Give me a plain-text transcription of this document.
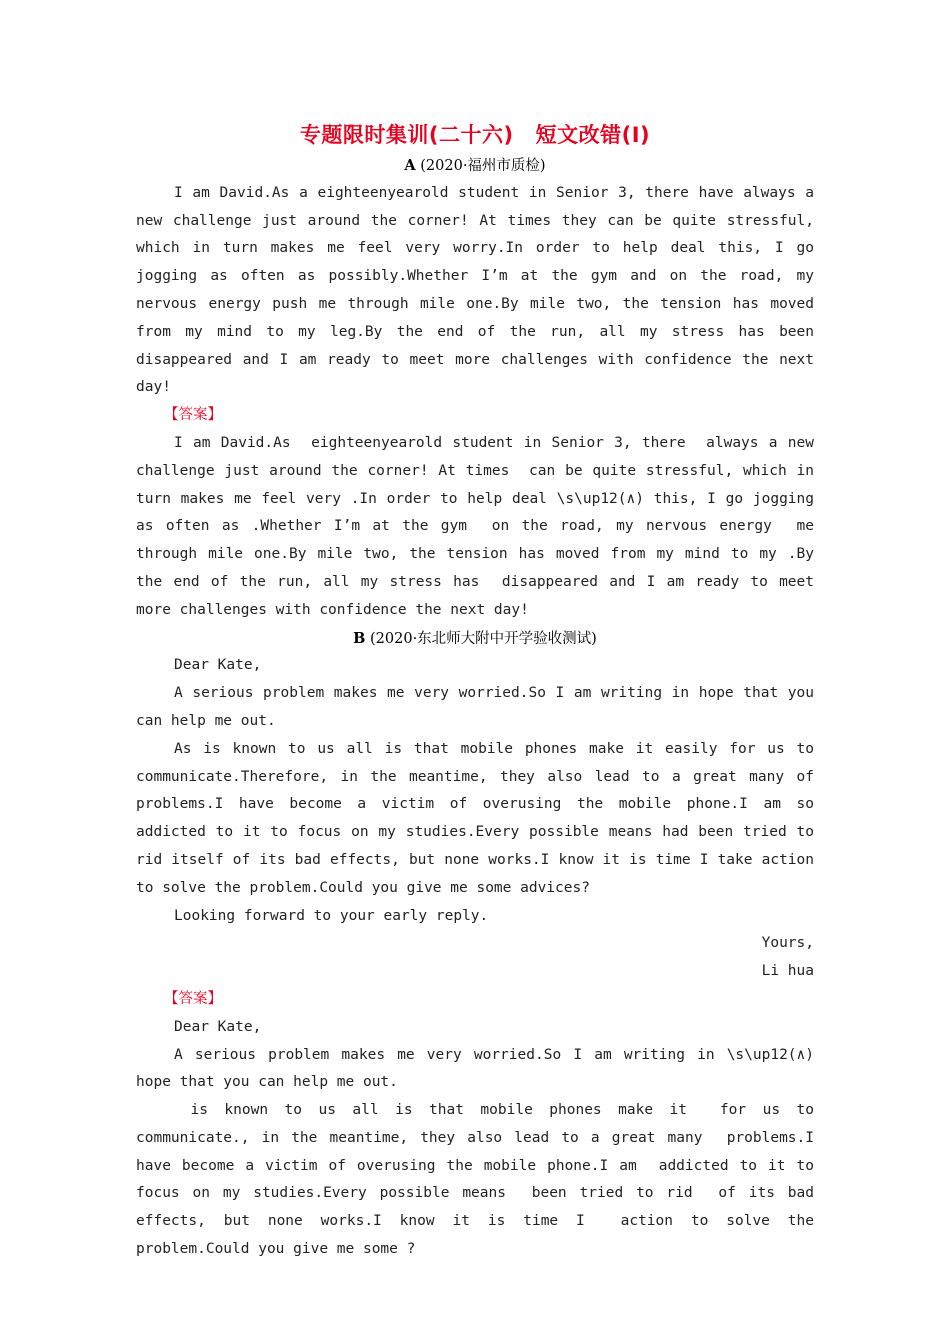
专题限时集训(二十六) 短文改错(Ⅰ)
A (2020·福州市质检)

I am David.As a eighteenyearold student in Senior 3, there have always a new challenge just around the corner! At times they can be quite stressful, which in turn makes me feel very worry.In order to help deal this, I go jogging as often as possibly.Whether I’m at the gym and on the road, my nervous energy push me through mile one.By mile two, the tension has moved from my mind to my leg.By the end of the run, all my stress has been disappeared and I am ready to meet more challenges with confidence the next day!

【答案】

I am David.As  eighteenyearold student in Senior 3, there  always a new challenge just around the corner! At times  can be quite stressful, which in turn makes me feel very .In order to help deal \s\up12(∧) this, I go jogging as often as .Whether I’m at the gym  on the road, my nervous energy  me through mile one.By mile two, the tension has moved from my mind to my .By the end of the run, all my stress has  disappeared and I am ready to meet more challenges with confidence the next day!

B (2020·东北师大附中开学验收测试)

Dear Kate,

A serious problem makes me very worried.So I am writing in hope that you can help me out.

As is known to us all is that mobile phones make it easily for us to communicate.Therefore, in the meantime, they also lead to a great many of problems.I have become a victim of overusing the mobile phone.I am so addicted to it to focus on my studies.Every possible means had been tried to rid itself of its bad effects, but none works.I know it is time I take action to solve the problem.Could you give me some advices?

Looking forward to your early reply.

Yours,

Li hua

【答案】

Dear Kate,

A serious problem makes me very worried.So I am writing in \s\up12(∧) hope that you can help me out.

is known to us all is that mobile phones make it  for us to communicate., in the meantime, they also lead to a great many  problems.I have become a victim of overusing the mobile phone.I am  addicted to it to focus on my studies.Every possible means  been tried to rid  of its bad effects, but none works.I know it is time I  action to solve the problem.Could you give me some ?
